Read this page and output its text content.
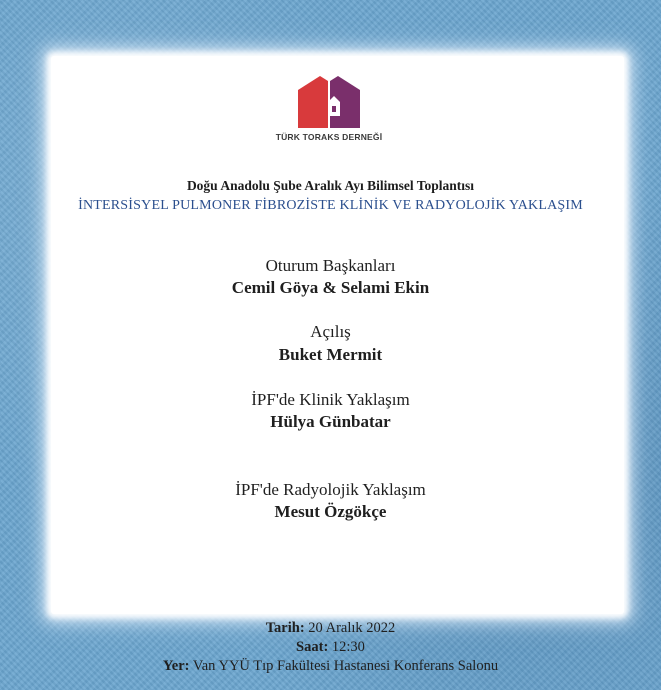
TÜRK TORAKS DERNEĞİ
Doğu Anadolu Şube Aralık Ayı Bilimsel Toplantısı
İNTERSİSYEL PULMONER FİBROZİSTE KLİNİK VE RADYOLOJİK YAKLAŞIM
Oturum Başkanları
Cemil Göya & Selami Ekin
Açılış
Buket Mermit
İPF'de Klinik Yaklaşım
Hülya Günbatar
İPF'de Radyolojik Yaklaşım
Mesut Özgökçe
Tarih: 20 Aralık 2022
Saat: 12:30
Yer: Van YYÜ Tıp Fakültesi Hastanesi Konferans Salonu
